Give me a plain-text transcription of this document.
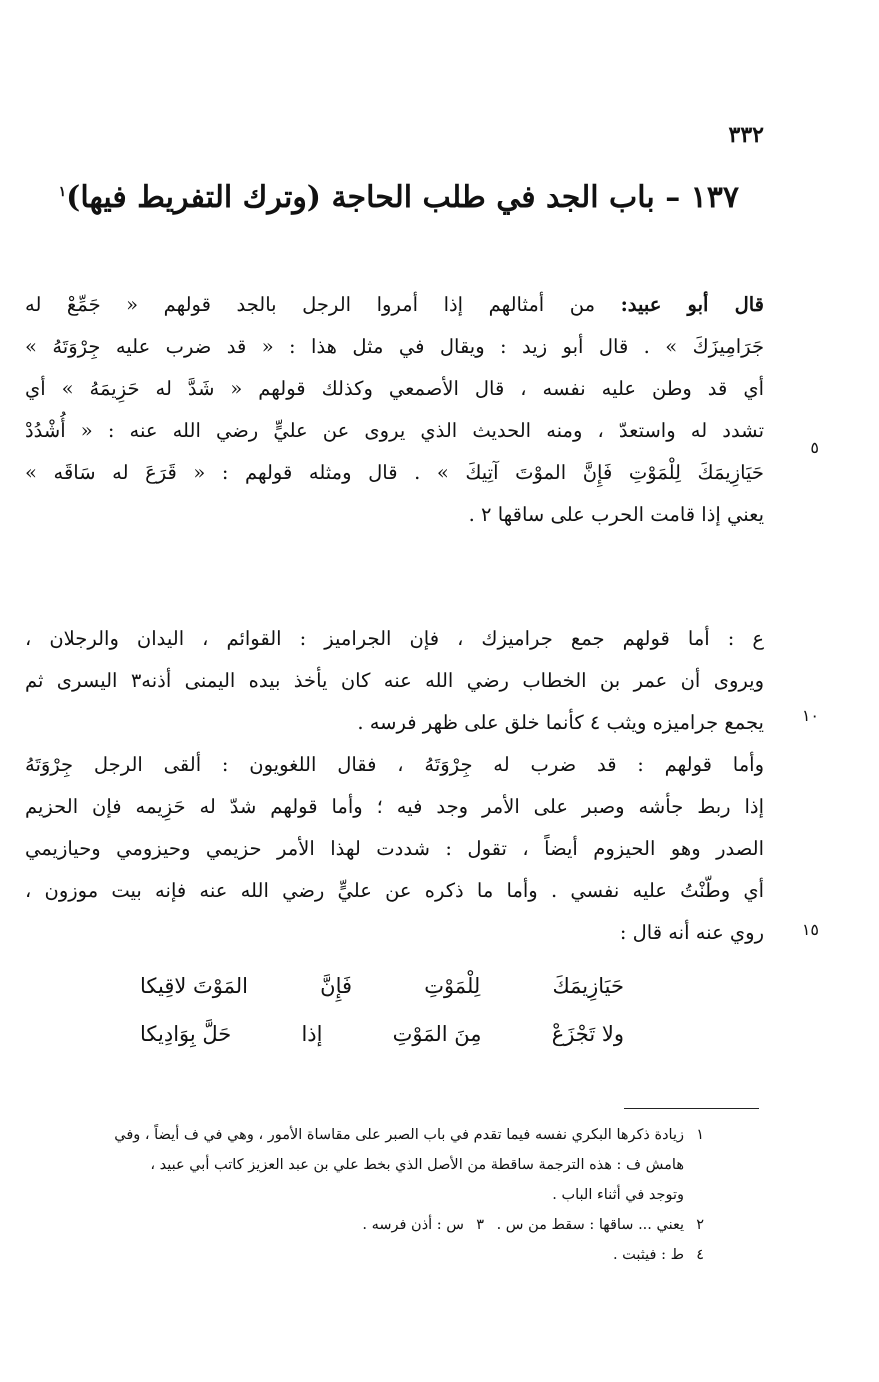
٣٣٢
١٣٧ – باب الجد في طلب الحاجة (وترك التفريط فيها)$^١$
قال أبو عبيد: من أمثالهم إذا أمروا الرجل بالجد قولهم « جَمِّعْ له
جَرَامِيزَكَ » . قال أبو زيد : ويقال في مثل هذا : « قد ضرب عليه جِرْوَتَهُ »
أي قد وطن عليه نفسه ، قال الأصمعي وكذلك قولهم « شَدَّ له حَزِيمَهُ » أي
تشدد له واستعدّ ، ومنه الحديث الذي يروى عن عليٍّ رضي الله عنه : « أُشْدُدْ
حَيَازِيمَكَ لِلْمَوْتِ فَإِنَّ الموْتَ آتِيكَ » . قال ومثله قولهم : « قَرَعَ له سَاقَه »
يعني إذا قامت الحرب على ساقها ٢ .
ع : أما قولهم جمع جراميزك ، فإن الجراميز : القوائم ، اليدان والرجلان ،
ويروى أن عمر بن الخطاب رضي الله عنه كان يأخذ بيده اليمنى أذنه٣ اليسرى ثم
يجمع جراميزه ويثب ٤ كأنما خلق على ظهر فرسه .
وأما قولهم : قد ضرب له جِرْوَتَهُ ، فقال اللغويون : ألقى الرجل جِرْوَتَهُ
إذا ربط جأشه وصبر على الأمر وجد فيه ؛ وأما قولهم شدّ له حَزِيمه فإن الحزيم
الصدر وهو الحيزوم أيضاً ، تقول : شددت لهذا الأمر حزيمي وحيزومي وحيازيمي
أي وطّنْتُ عليه نفسي . وأما ما ذكره عن عليٍّ رضي الله عنه فإنه بيت موزون ،
روي عنه أنه قال :
٥
١٠
١٥
حَيَازِيمَكَ
لِلْمَوْتِ
فَإِنَّ
المَوْتَ لاقِيكا
ولا تَجْزَعْ
مِنَ المَوْتِ
إذا
حَلَّ بِوَادِيكا
١زيادة ذكرها البكري نفسه فيما تقدم في باب الصبر على مقاساة الأمور ، وهي في ف أيضاً ، وفي
هامش ف : هذه الترجمة ساقطة من الأصل الذي بخط علي بن عبد العزيز كاتب أبي عبيد ،
وتوجد في أثناء الباب .
٢يعني ... ساقها : سقط من س .
٣س : أذن فرسه .
٤ط : فيثبت .
